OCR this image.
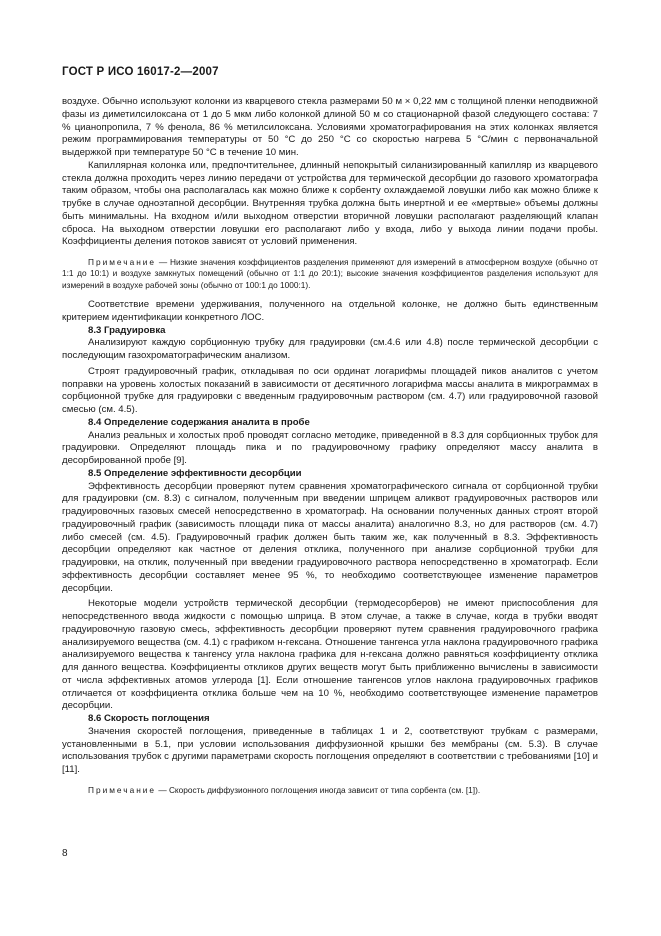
ГОСТ Р ИСО 16017-2—2007

воздухе. Обычно используют колонки из кварцевого стекла размерами 50 м × 0,22 мм с толщиной пленки неподвижной фазы из диметилсилоксана от 1 до 5 мкм либо колонкой длиной 50 м со стационарной фазой следующего состава: 7 % цианопропила, 7 % фенола, 86 % метилсилоксана. Условиями хроматографирования на этих колонках является режим программирования температуры от 50 °С до 250 °С со скоростью нагрева 5 °С/мин с первоначальной выдержкой при температуре 50 °С в течение 10 мин.

Капиллярная колонка или, предпочтительнее, длинный непокрытый силанизированный капилляр из кварцевого стекла должна проходить через линию передачи от устройства для термической десорбции до газового хроматографа таким образом, чтобы она располагалась как можно ближе к сорбенту охлаждаемой ловушки либо как можно ближе к трубке в случае одноэтапной десорбции. Внутренняя трубка должна быть инертной и ее «мертвые» объемы должны быть минимальны. На входном и/или выходном отверстии вторичной ловушки располагают разделяющий клапан сброса. На выходном отверстии ловушки его располагают либо у входа, либо у выхода линии подачи пробы. Коэффициенты деления потоков зависят от условий применения.

Примечание — Низкие значения коэффициентов разделения применяют для измерений в атмосферном воздухе (обычно от 1:1 до 10:1) и воздухе замкнутых помещений (обычно от 1:1 до 20:1); высокие значения коэффициентов разделения используют для измерений в воздухе рабочей зоны (обычно от 100:1 до 1000:1).

Соответствие времени удерживания, полученного на отдельной колонке, не должно быть единственным критерием идентификации конкретного ЛОС.

8.3 Градуировка

Анализируют каждую сорбционную трубку для градуировки (см.4.6 или 4.8) после термической десорбции с последующим газохроматографическим анализом.

Строят градуировочный график, откладывая по оси ординат логарифмы площадей пиков аналитов с учетом поправки на уровень холостых показаний в зависимости от десятичного логарифма массы аналита в микрограммах в сорбционной трубке для градуировки с введенным градуировочным раствором (см. 4.7) или градуировочной газовой смесью (см. 4.5).

8.4 Определение содержания аналита в пробе

Анализ реальных и холостых проб проводят согласно методике, приведенной в 8.3 для сорбционных трубок для градуировки. Определяют площадь пика и по градуировочному графику определяют массу аналита в десорбированной пробе [9].

8.5 Определение эффективности десорбции

Эффективность десорбции проверяют путем сравнения хроматографического сигнала от сорбционной трубки для градуировки (см. 8.3) с сигналом, полученным при введении шприцем аликвот градуировочных растворов или градуировочных газовых смесей непосредственно в хроматограф. На основании полученных данных строят второй градуировочный график (зависимость площади пика от массы аналита) аналогично 8.3, но для растворов (см. 4.7) либо смесей (см. 4.5). Градуировочный график должен быть таким же, как полученный в 8.3. Эффективность десорбции определяют как частное от деления отклика, полученного при анализе сорбционной трубки для градуировки, на отклик, полученный при введении градуировочного раствора непосредственно в хроматограф. Если эффективность десорбции составляет менее 95 %, то необходимо соответствующее изменение параметров десорбции.

Некоторые модели устройств термической десорбции (термодесорберов) не имеют приспособления для непосредственного ввода жидкости с помощью шприца. В этом случае, а также в случае, когда в трубки вводят градуировочную газовую смесь, эффективность десорбции проверяют путем сравнения градуировочного графика анализируемого вещества (см. 4.1) с графиком н-гексана. Отношение тангенса угла наклона градуировочного графика анализируемого вещества к тангенсу угла наклона графика для н-гексана должно равняться коэффициенту отклика для данного вещества. Коэффициенты откликов других веществ могут быть приближенно вычислены в зависимости от числа эффективных атомов углерода [1]. Если отношение тангенсов углов наклона градуировочных графиков отличается от коэффициента отклика больше чем на 10 %, необходимо соответствующее изменение параметров десорбции.

8.6 Скорость поглощения

Значения скоростей поглощения, приведенные в таблицах 1 и 2, соответствуют трубкам с размерами, установленными в 5.1, при условии использования диффузионной крышки без мембраны (см. 5.3). В случае использования трубок с другими параметрами скорость поглощения определяют в соответствии с требованиями [10] и [11].

Примечание — Скорость диффузионного поглощения иногда зависит от типа сорбента (см. [1]).

8
